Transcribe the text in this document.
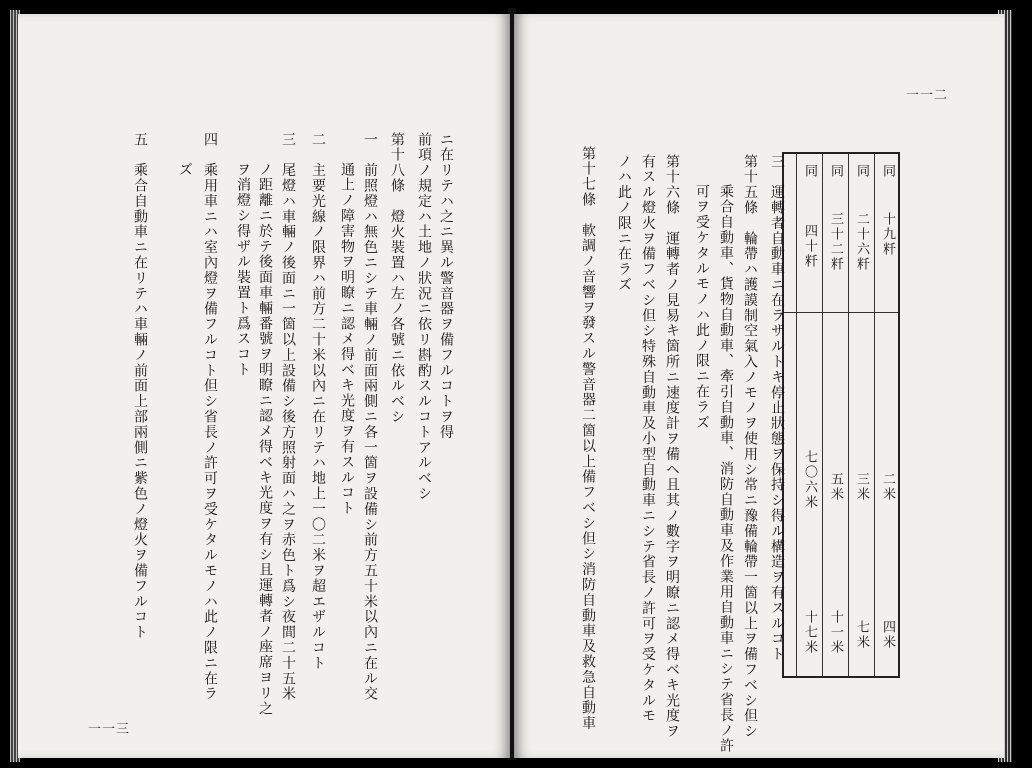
ニ在リテハ之ニ異ル警音器ヲ備フルコトヲ得
前項ノ規定ハ土地ノ狀況ニ依リ斟酌スルコトアルベシ
第十八條　燈火裝置ハ左ノ各號ニ依ルベシ
一　前照燈ハ無色ニシテ車輛ノ前面兩側ニ各一箇ヲ設備シ前方五十米以內ニ在ル交
通上ノ障害物ヲ明瞭ニ認メ得ベキ光度ヲ有スルコト
二　主要光線ノ限界ハ前方二十米以內ニ在リテハ地上一〇二米ヲ超エザルコト
三　尾燈ハ車輛ノ後面ニ一箇以上設備シ後方照射面ハ之ヲ赤色ト爲シ夜間二十五米
ノ距離ニ於テ後面車輛番號ヲ明瞭ニ認メ得ベキ光度ヲ有シ且運轉者ノ座席ヨリ之
ヲ消燈シ得ザル裝置ト爲スコト
四　乘用車ニハ室內燈ヲ備フルコト但シ省長ノ許可ヲ受ケタルモノハ此ノ限ニ在ラ
ズ
五　乘合自動車ニ在リテハ車輛ノ前面上部兩側ニ紫色ノ燈火ヲ備フルコト
一一三
同
十九粁
二米
四米
同
二十六粁
三米
七米
同
三十二粁
五米
十一米
同
四十粁
七〇六米
十七米
三　運轉者自動車ニ在ラザルトキ停止狀態ヲ保持シ得ル構造ヲ有スルコト
第十五條　輪帶ハ護謨制空氣入ノモノヲ使用シ常ニ豫備輪帶一箇以上ヲ備フベシ但シ
乘合自動車、貨物自動車、牽引自動車、消防自動車及作業用自動車ニシテ省長ノ許
可ヲ受ケタルモノハ此ノ限ニ在ラズ
第十六條　運轉者ノ見易キ箇所ニ速度計ヲ備ヘ且其ノ數字ヲ明瞭ニ認メ得ベキ光度ヲ
有スル燈火ヲ備フベシ但シ特殊自動車及小型自動車ニシテ省長ノ許可ヲ受ケタルモ
ノハ此ノ限ニ在ラズ
第十七條　軟調ノ音響ヲ發スル警音器二箇以上備フベシ但シ消防自動車及救急自動車
一一二
